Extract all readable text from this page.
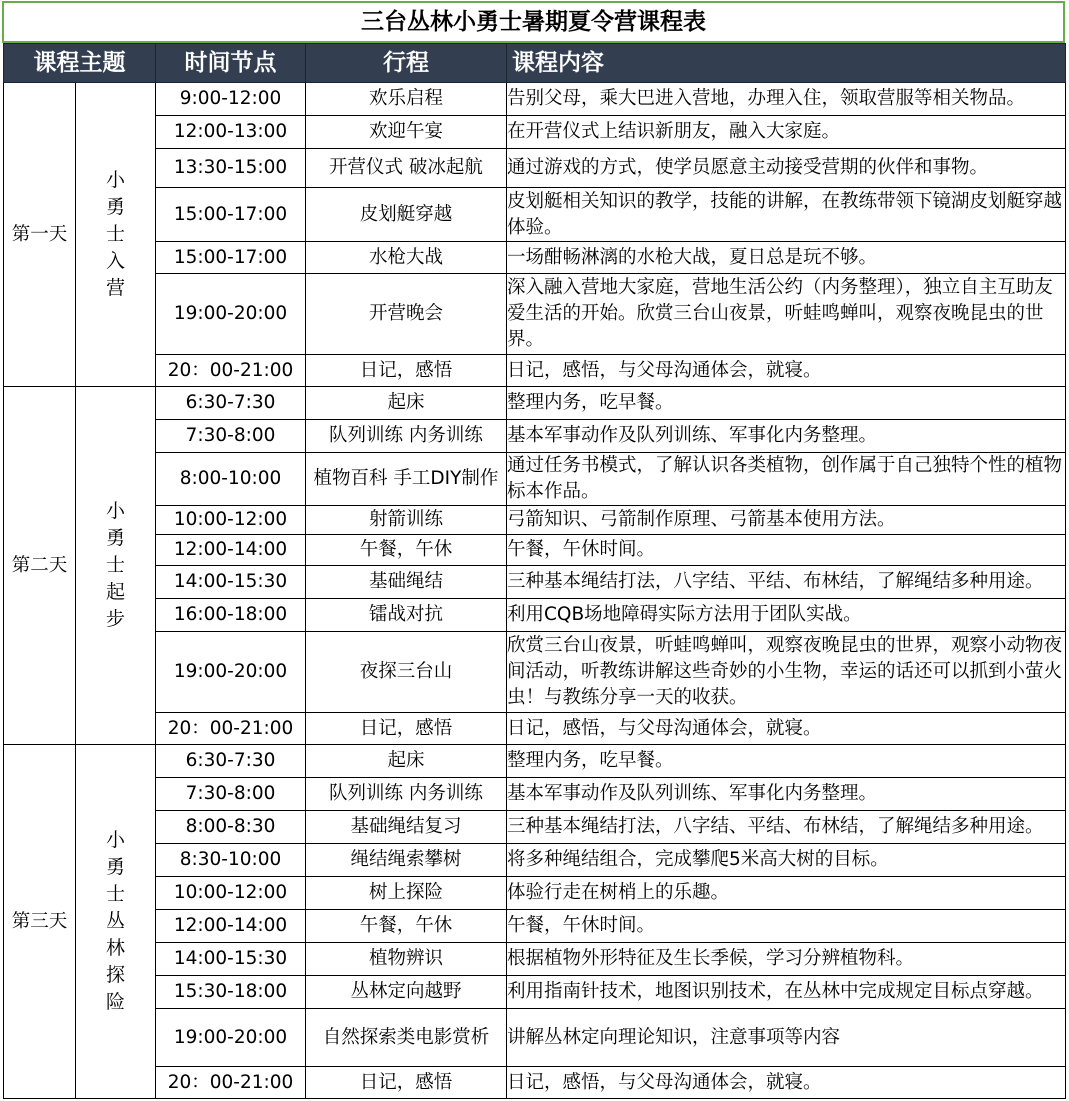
三台丛林小勇士暑期夏令营课程表
课程主题		时间节点	行程	课程内容
第一天	小勇士入营	9:00-12:00	欢乐启程	告别父母，乘大巴进入营地，办理入住，领取营服等相关物品。
		12:00-13:00	欢迎午宴	在开营仪式上结识新朋友，融入大家庭。
		13:30-15:00	开营仪式 破冰起航	通过游戏的方式，使学员愿意主动接受营期的伙伴和事物。
		15:00-17:00	皮划艇穿越	皮划艇相关知识的教学，技能的讲解，在教练带领下镜湖皮划艇穿越体验。
		15:00-17:00	水枪大战	一场酣畅淋漓的水枪大战，夏日总是玩不够。
		19:00-20:00	开营晚会	深入融入营地大家庭，营地生活公约（内务整理），独立自主互助友爱生活的开始。欣赏三台山夜景，听蛙鸣蝉叫，观察夜晚昆虫的世界。
		20：00-21:00	日记，感悟	日记，感悟，与父母沟通体会，就寝。
第二天	小勇士起步	6:30-7:30	起床	整理内务，吃早餐。
		7:30-8:00	队列训练 内务训练	基本军事动作及队列训练、军事化内务整理。
		8:00-10:00	植物百科 手工DIY制作	通过任务书模式，了解认识各类植物，创作属于自己独特个性的植物标本作品。
		10:00-12:00	射箭训练	弓箭知识、弓箭制作原理、弓箭基本使用方法。
		12:00-14:00	午餐，午休	午餐，午休时间。
		14:00-15:30	基础绳结	三种基本绳结打法，八字结、平结、布林结，了解绳结多种用途。
		16:00-18:00	镭战对抗	利用CQB场地障碍实际方法用于团队实战。
		19:00-20:00	夜探三台山	欣赏三台山夜景，听蛙鸣蝉叫，观察夜晚昆虫的世界，观察小动物夜间活动，听教练讲解这些奇妙的小生物，幸运的话还可以抓到小萤火虫！与教练分享一天的收获。
		20：00-21:00	日记，感悟	日记，感悟，与父母沟通体会，就寝。
第三天	小勇士丛林探险	6:30-7:30	起床	整理内务，吃早餐。
		7:30-8:00	队列训练 内务训练	基本军事动作及队列训练、军事化内务整理。
		8:00-8:30	基础绳结复习	三种基本绳结打法，八字结、平结、布林结，了解绳结多种用途。
		8:30-10:00	绳结绳索攀树	将多种绳结组合，完成攀爬5米高大树的目标。
		10:00-12:00	树上探险	体验行走在树梢上的乐趣。
		12:00-14:00	午餐，午休	午餐，午休时间。
		14:00-15:30	植物辨识	根据植物外形特征及生长季候，学习分辨植物科。
		15:30-18:00	丛林定向越野	利用指南针技术，地图识别技术，在丛林中完成规定目标点穿越。
		19:00-20:00	自然探索类电影赏析	讲解丛林定向理论知识，注意事项等内容
		20：00-21:00	日记，感悟	日记，感悟，与父母沟通体会，就寝。
